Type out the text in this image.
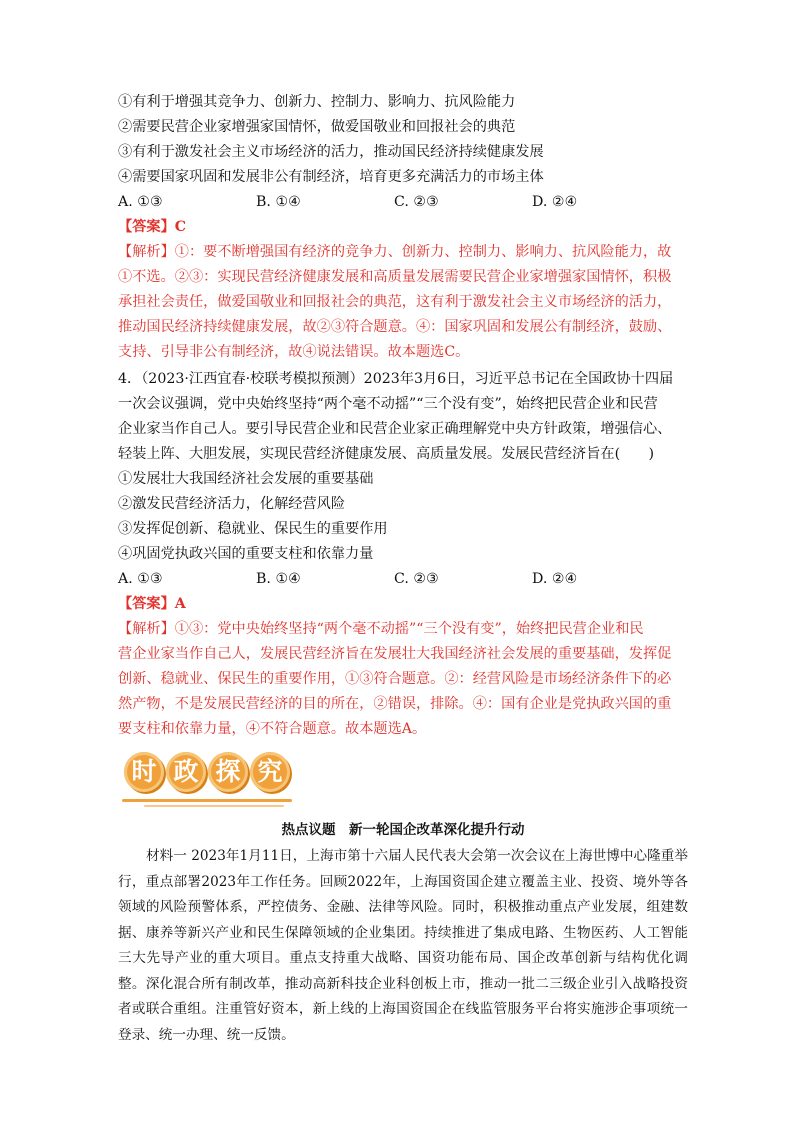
①有利于增强其竞争力、创新力、控制力、影响力、抗风险能力
②需要民营企业家增强家国情怀，做爱国敬业和回报社会的典范
③有利于激发社会主义市场经济的活力，推动国民经济持续健康发展
④需要国家巩固和发展非公有制经济，培育更多充满活力的市场主体
A. ①③	B. ①④	C. ②③	D. ②④
【答案】C
【解析】①：要不断增强国有经济的竞争力、创新力、控制力、影响力、抗风险能力，故
①不选。②③：实现民营经济健康发展和高质量发展需要民营企业家增强家国情怀，积极
承担社会责任，做爱国敬业和回报社会的典范，这有利于激发社会主义市场经济的活力，
推动国民经济持续健康发展，故②③符合题意。④：国家巩固和发展公有制经济，鼓励、
支持、引导非公有制经济，故④说法错误。故本题选C。
4．（2023·江西宜春·校联考模拟预测）2023年3月6日，习近平总书记在全国政协十四届
一次会议强调，党中央始终坚持“两个毫不动摇”“三个没有变”，始终把民营企业和民营
企业家当作自己人。要引导民营企业和民营企业家正确理解党中央方针政策，增强信心、
轻装上阵、大胆发展，实现民营经济健康发展、高质量发展。发展民营经济旨在(　　)
①发展壮大我国经济社会发展的重要基础
②激发民营经济活力，化解经营风险
③发挥促创新、稳就业、保民生的重要作用
④巩固党执政兴国的重要支柱和依靠力量
A. ①③	B. ①④	C. ②③	D. ②④
【答案】A
【解析】①③：党中央始终坚持“两个毫不动摇”“三个没有变”，始终把民营企业和民
营企业家当作自己人，发展民营经济旨在发展壮大我国经济社会发展的重要基础，发挥促
创新、稳就业、保民生的重要作用，①③符合题意。②：经营风险是市场经济条件下的必
然产物，不是发展民营经济的目的所在，②错误，排除。④：国有企业是党执政兴国的重
要支柱和依靠力量，④不符合题意。故本题选A。
时 政 探 究
热点议题　新一轮国企改革深化提升行动
材料一 2023年1月11日，上海市第十六届人民代表大会第一次会议在上海世博中心隆重举行，重点部署2023年工作任务。回顾2022年，上海国资国企建立覆盖主业、投资、境外等各领域的风险预警体系，严控债务、金融、法律等风险。同时，积极推动重点产业发展，组建数据、康养等新兴产业和民生保障领域的企业集团。持续推进了集成电路、生物医药、人工智能三大先导产业的重大项目。重点支持重大战略、国资功能布局、国企改革创新与结构优化调整。深化混合所有制改革，推动高新科技企业科创板上市，推动一批二三级企业引入战略投资者或联合重组。注重管好资本，新上线的上海国资国企在线监管服务平台将实施涉企事项统一登录、统一办理、统一反馈。
